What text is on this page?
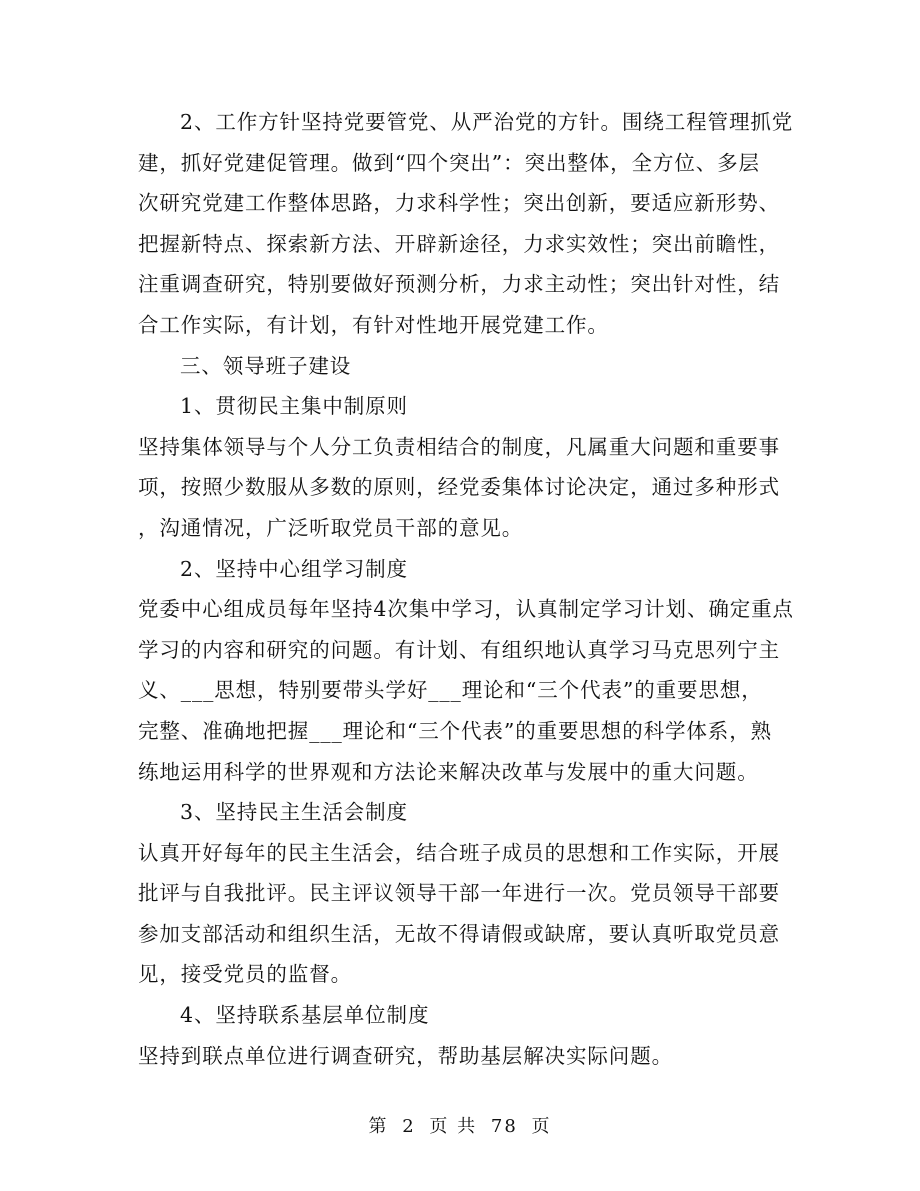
2、工作方针坚持党要管党、从严治党的方针。围绕工程管理抓党
建，抓好党建促管理。做到“四个突出”：突出整体，全方位、多层
次研究党建工作整体思路，力求科学性；突出创新，要适应新形势、
把握新特点、探索新方法、开辟新途径，力求实效性；突出前瞻性，
注重调查研究，特别要做好预测分析，力求主动性；突出针对性，结
合工作实际，有计划，有针对性地开展党建工作。
三、领导班子建设
1、贯彻民主集中制原则
坚持集体领导与个人分工负责相结合的制度，凡属重大问题和重要事
项，按照少数服从多数的原则，经党委集体讨论决定，通过多种形式
，沟通情况，广泛听取党员干部的意见。
2、坚持中心组学习制度
党委中心组成员每年坚持4次集中学习，认真制定学习计划、确定重点
学习的内容和研究的问题。有计划、有组织地认真学习马克思列宁主
义、___思想，特别要带头学好___理论和“三个代表”的重要思想，
完整、准确地把握___理论和“三个代表”的重要思想的科学体系，熟
练地运用科学的世界观和方法论来解决改革与发展中的重大问题。
3、坚持民主生活会制度
认真开好每年的民主生活会，结合班子成员的思想和工作实际，开展
批评与自我批评。民主评议领导干部一年进行一次。党员领导干部要
参加支部活动和组织生活，无故不得请假或缺席，要认真听取党员意
见，接受党员的监督。
4、坚持联系基层单位制度
坚持到联点单位进行调查研究，帮助基层解决实际问题。
第 2 页 共 78 页
